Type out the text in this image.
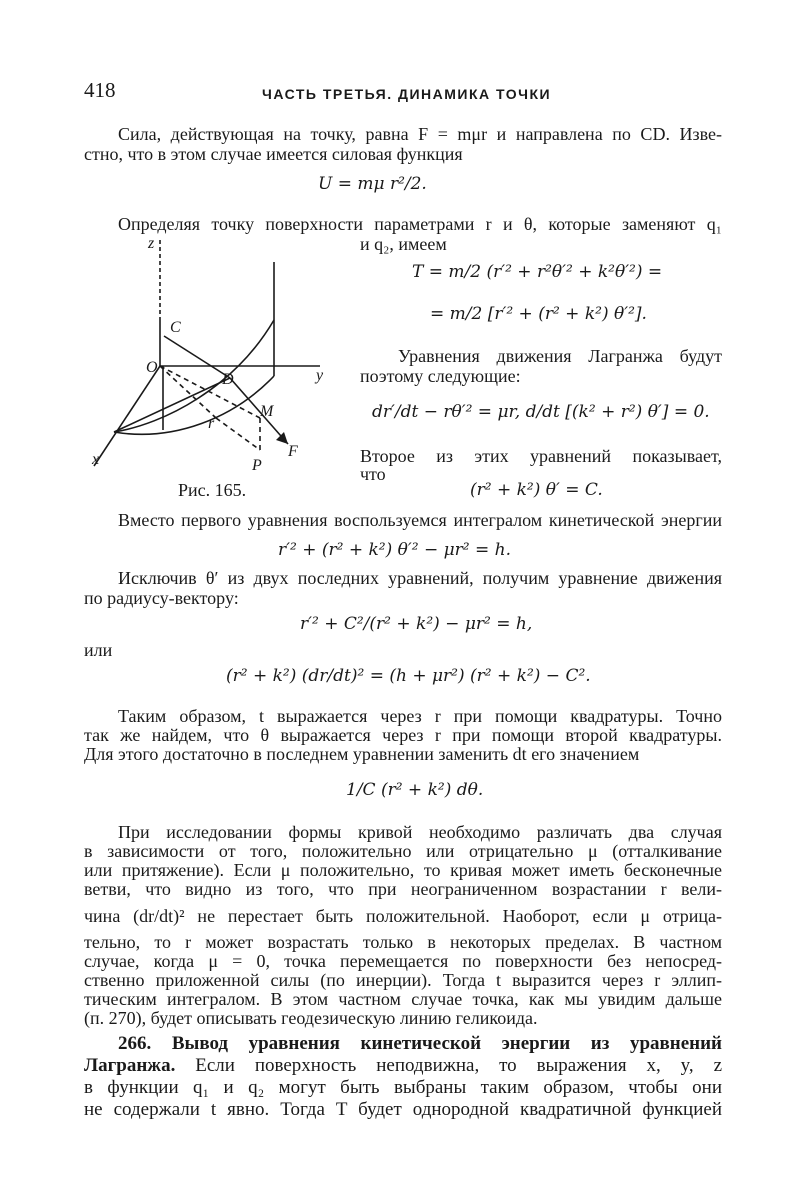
418	ЧАСТЬ ТРЕТЬЯ. ДИНАМИКА ТОЧКИ
Сила, действующая на точку, равна F = mμr и направлена по CD. Изве-
стно, что в этом случае имеется силовая функция
U = mμ r²/2.
Определяя точку поверхности параметрами r и θ, которые заменяют q₁
и q₂, имеем
T = m/2 (r′² + r²θ′² + k²θ′²) =
= m/2 [r′² + (r² + k²) θ′²].
Уравнения движения Лагранжа будут
поэтому следующие:
dr′/dt − rθ′² = μr, d/dt [(k² + r²) θ′] = 0.
Второе из этих уравнений показывает,
что
(r² + k²) θ′ = C.
z
C
O
D	y
M
r
F
x	P
Рис. 165.
Вместо первого уравнения воспользуемся интегралом кинетической энергии
r′² + (r² + k²) θ′² − μr² = h.
Исключив θ′ из двух последних уравнений, получим уравнение движения
по радиусу-вектору:
r′² + C²/(r² + k²) − μr² = h,
или
(r² + k²) (dr/dt)² = (h + μr²) (r² + k²) − C².
Таким образом, t выражается через r при помощи квадратуры. Точно
так же найдем, что θ выражается через r при помощи второй квадратуры.
Для этого достаточно в последнем уравнении заменить dt его значением
1/C (r² + k²) dθ.
При исследовании формы кривой необходимо различать два случая
в зависимости от того, положительно или отрицательно μ (отталкивание
или притяжение). Если μ положительно, то кривая может иметь бесконечные
ветви, что видно из того, что при неограниченном возрастании r вели-
чина (dr/dt)² не перестает быть положительной. Наоборот, если μ отрица-
тельно, то r может возрастать только в некоторых пределах. В частном
случае, когда μ = 0, точка перемещается по поверхности без непосред-
ственно приложенной силы (по инерции). Тогда t выразится через r эллип-
тическим интегралом. В этом частном случае точка, как мы увидим дальше
(п. 270), будет описывать геодезическую линию геликоида.
266. Вывод уравнения кинетической энергии из уравнений
Лагранжа. Если поверхность неподвижна, то выражения x, y, z
в функции q₁ и q₂ могут быть выбраны таким образом, чтобы они
не содержали t явно. Тогда T будет однородной квадратичной функцией
